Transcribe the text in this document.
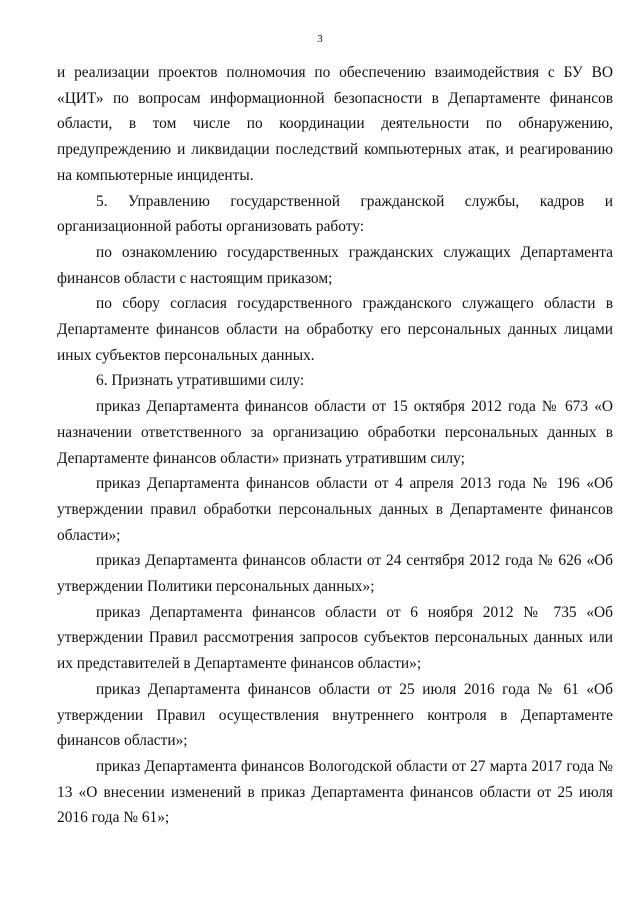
3

и реализации проектов полномочия по обеспечению взаимодействия с БУ ВО «ЦИТ» по вопросам информационной безопасности в Департаменте финансов области, в том числе по координации деятельности по обнаружению, предупреждению и ликвидации последствий компьютерных атак, и реагированию на компьютерные инциденты.

5. Управлению государственной гражданской службы, кадров и организационной работы организовать работу:

по ознакомлению государственных гражданских служащих Департамента финансов области с настоящим приказом;

по сбору согласия государственного гражданского служащего области в Департаменте финансов области на обработку его персональных данных лицами иных субъектов персональных данных.

6. Признать утратившими силу:

приказ Департамента финансов области от 15 октября 2012 года № 673 «О назначении ответственного за организацию обработки персональных данных в Департаменте финансов области» признать утратившим силу;

приказ Департамента финансов области от 4 апреля 2013 года № 196 «Об утверждении правил обработки персональных данных в Департаменте финансов области»;

приказ Департамента финансов области от 24 сентября 2012 года № 626 «Об утверждении Политики персональных данных»;

приказ Департамента финансов области от 6 ноября 2012 № 735 «Об утверждении Правил рассмотрения запросов субъектов персональных данных или их представителей в Департаменте финансов области»;

приказ Департамента финансов области от 25 июля 2016 года № 61 «Об утверждении Правил осуществления внутреннего контроля в Департаменте финансов области»;

приказ Департамента финансов Вологодской области от 27 марта 2017 года № 13 «О внесении изменений в приказ Департамента финансов области от 25 июля 2016 года № 61»;
